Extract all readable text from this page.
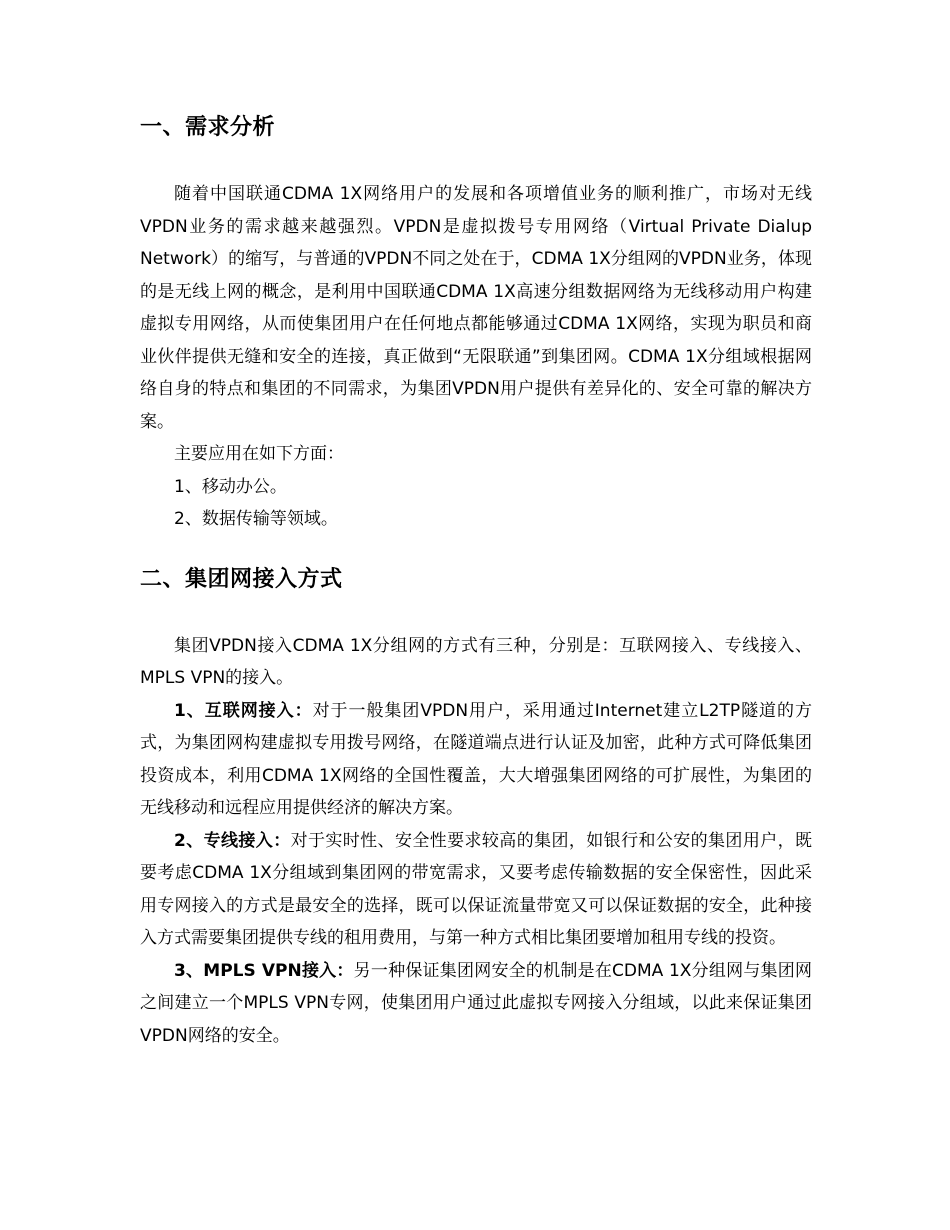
一、需求分析

随着中国联通CDMA 1X网络用户的发展和各项增值业务的顺利推广，市场对无线VPDN业务的需求越来越强烈。VPDN是虚拟拨号专用网络（Virtual Private Dialup Network）的缩写，与普通的VPDN不同之处在于，CDMA 1X分组网的VPDN业务，体现的是无线上网的概念，是利用中国联通CDMA 1X高速分组数据网络为无线移动用户构建虚拟专用网络，从而使集团用户在任何地点都能够通过CDMA 1X网络，实现为职员和商业伙伴提供无缝和安全的连接，真正做到“无限联通”到集团网。CDMA 1X分组域根据网络自身的特点和集团的不同需求，为集团VPDN用户提供有差异化的、安全可靠的解决方案。

主要应用在如下方面：

1、移动办公。

2、数据传输等领域。

二、集团网接入方式

集团VPDN接入CDMA 1X分组网的方式有三种，分别是：互联网接入、专线接入、MPLS VPN的接入。

1、互联网接入：对于一般集团VPDN用户，采用通过Internet建立L2TP隧道的方式，为集团网构建虚拟专用拨号网络，在隧道端点进行认证及加密，此种方式可降低集团投资成本，利用CDMA 1X网络的全国性覆盖，大大增强集团网络的可扩展性，为集团的无线移动和远程应用提供经济的解决方案。

2、专线接入：对于实时性、安全性要求较高的集团，如银行和公安的集团用户，既要考虑CDMA 1X分组域到集团网的带宽需求，又要考虑传输数据的安全保密性，因此采用专网接入的方式是最安全的选择，既可以保证流量带宽又可以保证数据的安全，此种接入方式需要集团提供专线的租用费用，与第一种方式相比集团要增加租用专线的投资。

3、MPLS VPN接入：另一种保证集团网安全的机制是在CDMA 1X分组网与集团网之间建立一个MPLS VPN专网，使集团用户通过此虚拟专网接入分组域，以此来保证集团VPDN网络的安全。
